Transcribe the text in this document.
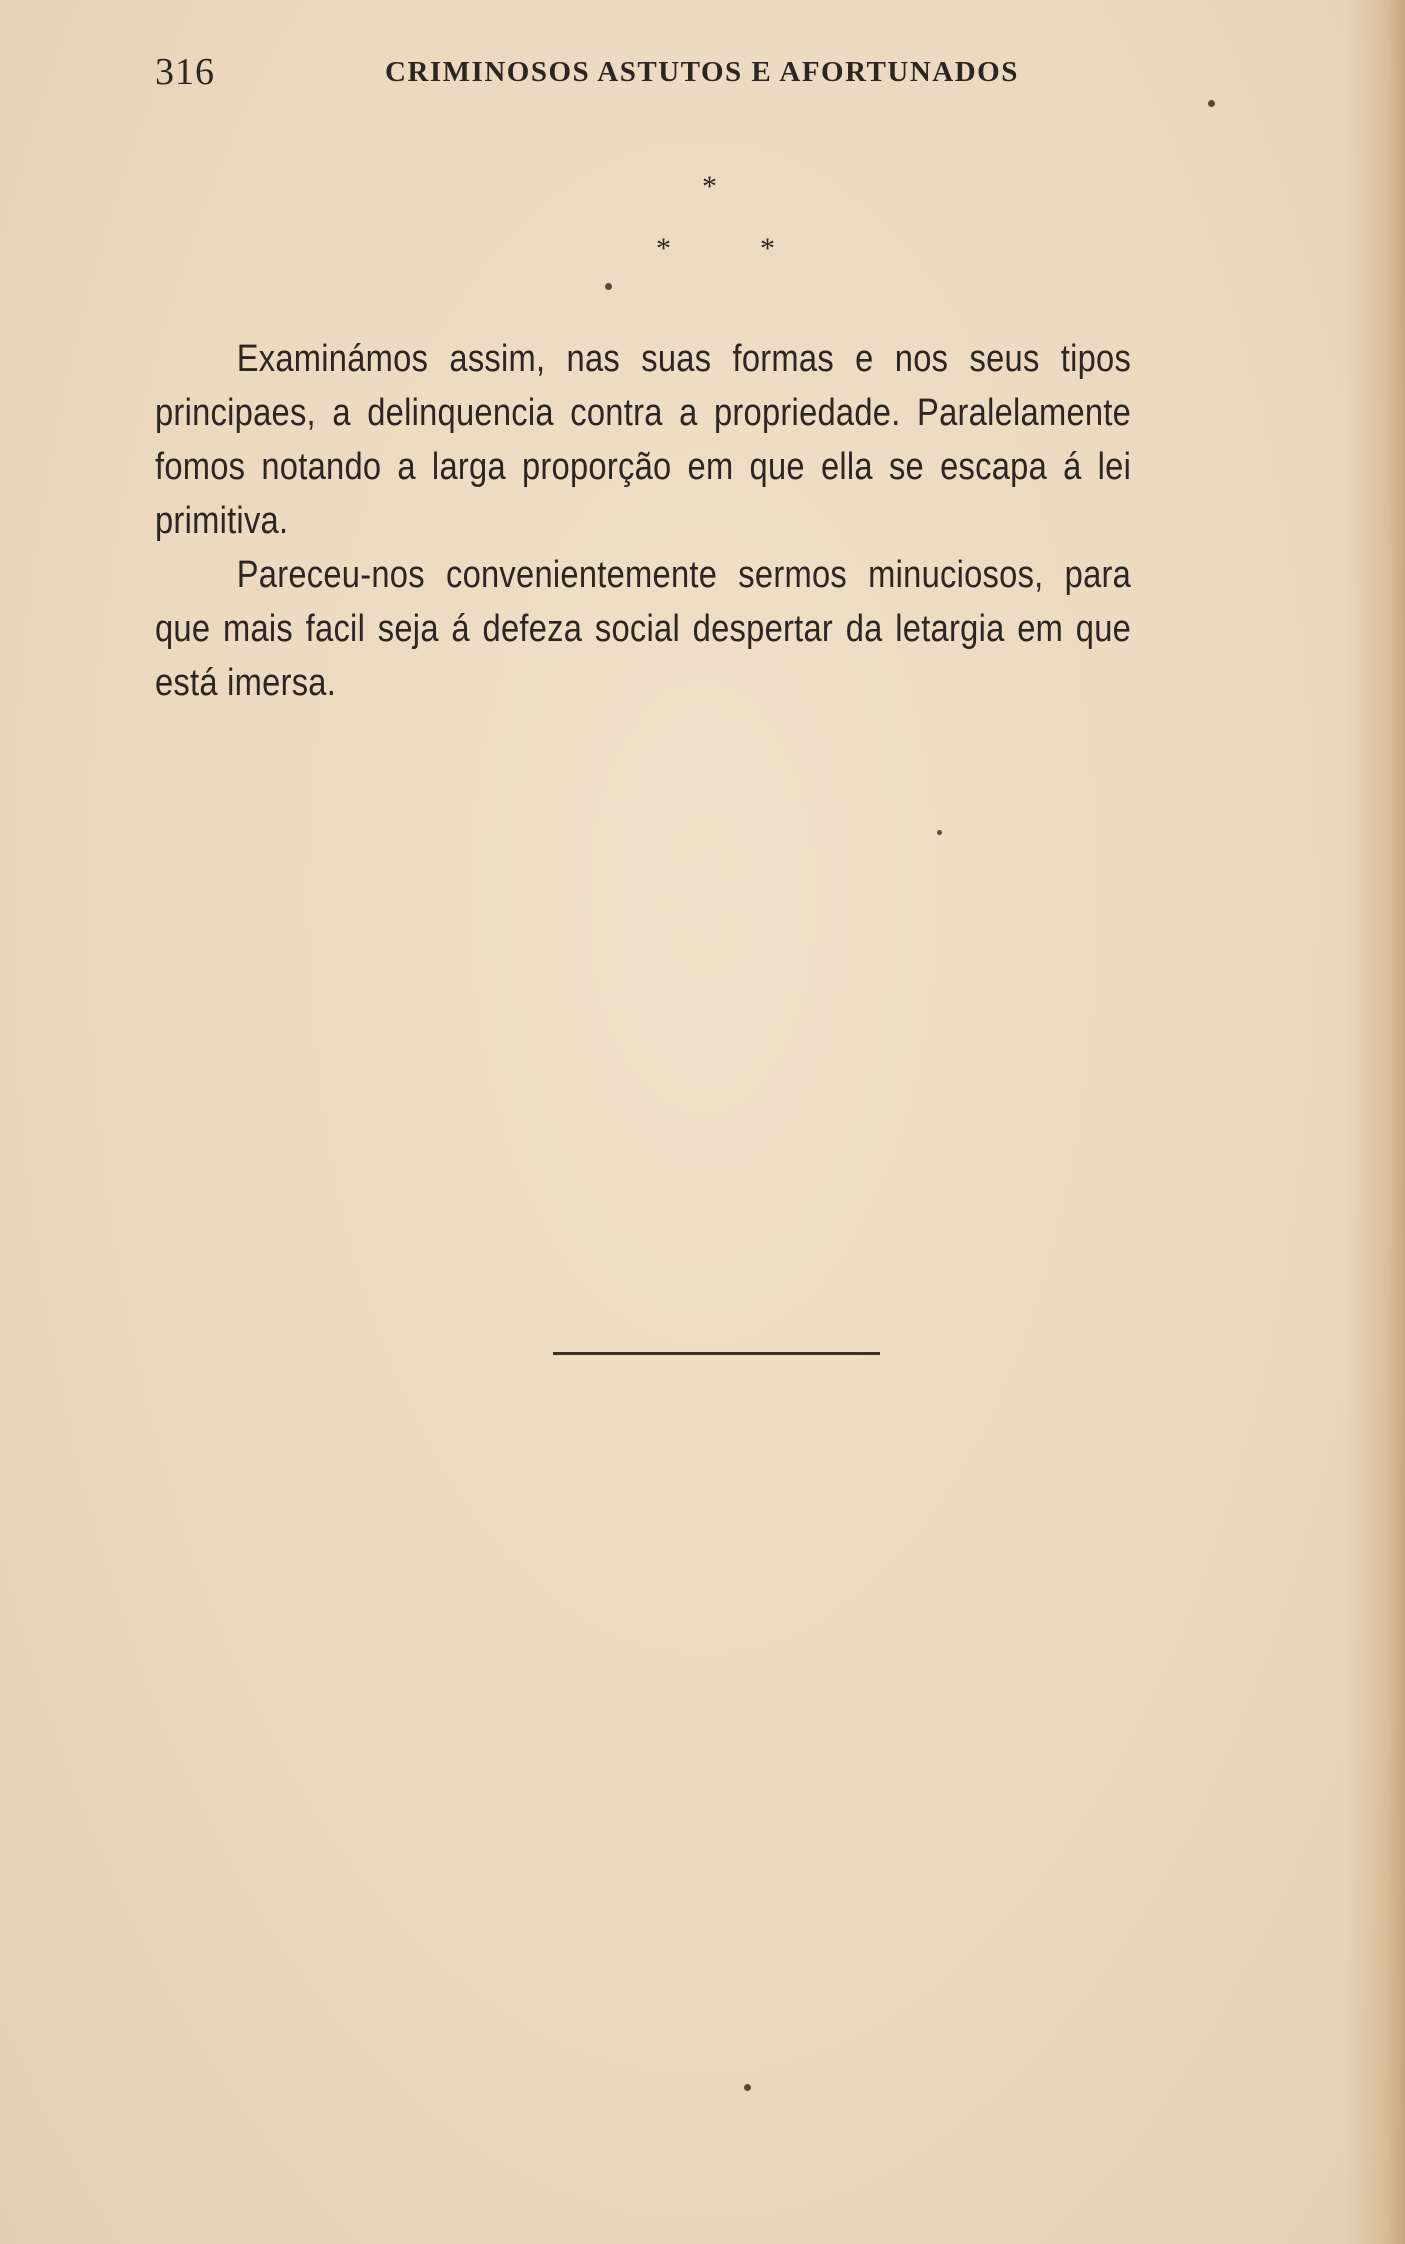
316	CRIMINOSOS ASTUTOS E AFORTUNADOS
*
*	*

Examinámos assim, nas suas formas e nos seus tipos principaes, a delinquencia contra a propriedade. Paralelamente fomos notando a larga proporção em que ella se escapa á lei primitiva.

Pareceu-nos convenientemente sermos minuciosos, para que mais facil seja á defeza social despertar da letargia em que está imersa.
